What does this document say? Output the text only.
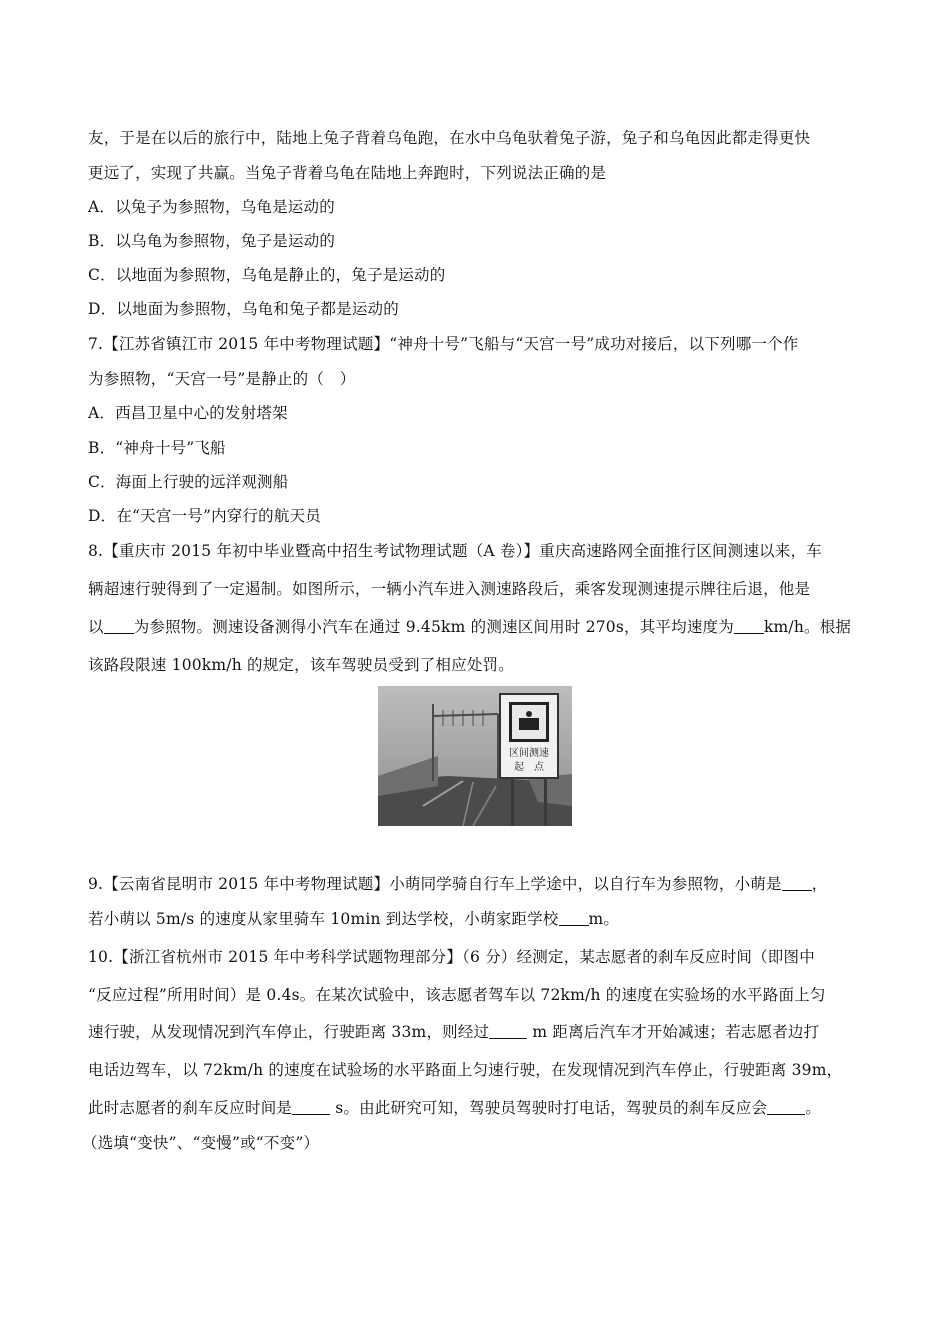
友，于是在以后的旅行中，陆地上兔子背着乌龟跑，在水中乌龟驮着兔子游，兔子和乌龟因此都走得更快
更远了，实现了共赢。当兔子背着乌龟在陆地上奔跑时，下列说法正确的是
A．以兔子为参照物，乌龟是运动的
B．以乌龟为参照物，兔子是运动的
C．以地面为参照物，乌龟是静止的，兔子是运动的
D．以地面为参照物，乌龟和兔子都是运动的
7.【江苏省镇江市 2015 年中考物理试题】“神舟十号”飞船与“天宫一号”成功对接后，以下列哪一个作
为参照物，“天宫一号”是静止的（　）
A．西昌卫星中心的发射塔架
B．“神舟十号”飞船
C．海面上行驶的远洋观测船
D．在“天宫一号”内穿行的航天员
8.【重庆市 2015 年初中毕业暨高中招生考试物理试题（A 卷）】重庆高速路网全面推行区间测速以来，车
辆超速行驶得到了一定遏制。如图所示，一辆小汽车进入测速路段后，乘客发现测速提示牌往后退，他是
以 为参照物。测速设备测得小汽车在通过 9.45km 的测速区间用时 270s，其平均速度为 km/h。根据
该路段限速 100km/h 的规定，该车驾驶员受到了相应处罚。
区间测速
起　点
9.【云南省昆明市 2015 年中考物理试题】小萌同学骑自行车上学途中，以自行车为参照物，小萌是 ，
若小萌以 5m/s 的速度从家里骑车 10min 到达学校，小萌家距学校 m。
10.【浙江省杭州市 2015 年中考科学试题物理部分】（6 分）经测定，某志愿者的刹车反应时间（即图中
“反应过程”所用时间）是 0.4s。在某次试验中，该志愿者驾车以 72km/h 的速度在实验场的水平路面上匀
速行驶，从发现情况到汽车停止，行驶距离 33m，则经过 m 距离后汽车才开始减速；若志愿者边打
电话边驾车，以 72km/h 的速度在试验场的水平路面上匀速行驶，在发现情况到汽车停止，行驶距离 39m，
此时志愿者的刹车反应时间是 s。由此研究可知，驾驶员驾驶时打电话，驾驶员的刹车反应会 。
（选填“变快”、“变慢”或“不变”）
